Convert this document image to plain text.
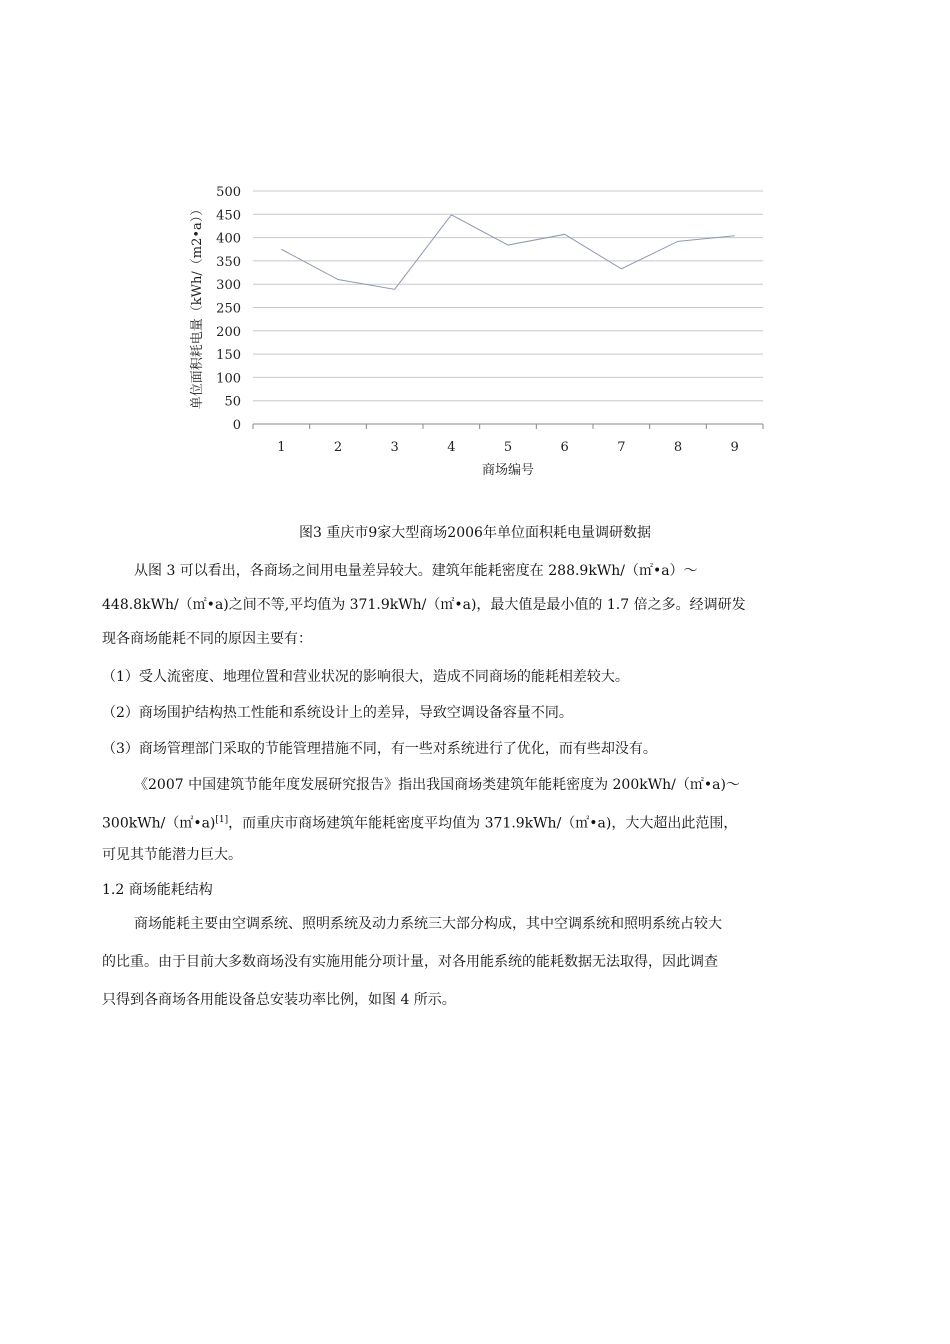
0
50
100
150
200
250
300
350
400
450
500
1	2	3	4	5	6	7	8	9
商场编号
单位面积耗电量（kWh/（m2•a））
图3 重庆市9家大型商场2006年单位面积耗电量调研数据
从图 3 可以看出，各商场之间用电量差异较大。建筑年能耗密度在 288.9kWh/（㎡•a）～
448.8kWh/（㎡•a)之间不等,平均值为 371.9kWh/（㎡•a)，最大值是最小值的 1.7 倍之多。经调研发
现各商场能耗不同的原因主要有：
（1）受人流密度、地理位置和营业状况的影响很大，造成不同商场的能耗相差较大。
（2）商场围护结构热工性能和系统设计上的差异，导致空调设备容量不同。
（3）商场管理部门采取的节能管理措施不同，有一些对系统进行了优化，而有些却没有。
《2007 中国建筑节能年度发展研究报告》指出我国商场类建筑年能耗密度为 200kWh/（㎡•a)～
300kWh/（㎡•a)[1]，而重庆市商场建筑年能耗密度平均值为 371.9kWh/（㎡•a)，大大超出此范围，
可见其节能潜力巨大。
1.2 商场能耗结构
商场能耗主要由空调系统、照明系统及动力系统三大部分构成，其中空调系统和照明系统占较大
的比重。由于目前大多数商场没有实施用能分项计量，对各用能系统的能耗数据无法取得，因此调查
只得到各商场各用能设备总安装功率比例，如图 4 所示。
